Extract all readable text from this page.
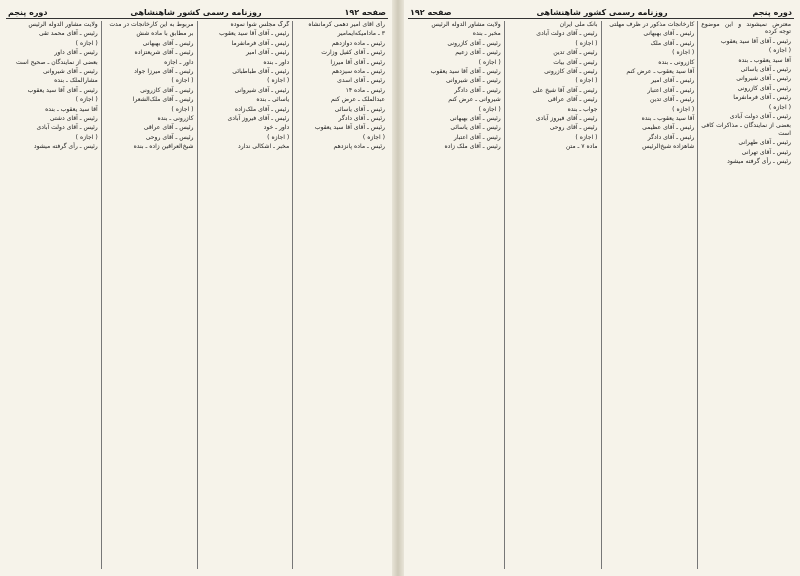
صفحه ۱۹۲
روزنامه رسمی کشور شاهنشاهی
دوره پنجم

رأی آقای امیر دهمی کرمانشاه

۳ ـ مادامیکه‌ایمامیر

رئیس ـ ماده دوازدهم

رئیس ـ آقای کفیل وزارت

رئیس ـ آقای آقا میرزا

رئیس ـ ماده سیزدهم

رئیس ـ آقای اسدی

رئیس ـ ماده ۱۴

عبدالملک ـ عرض کنم

رئیس ـ آقای یاسائی

رئیس ـ آقای دادگر

رئیس ـ آقای آقا سید یعقوب

( اجازه )

رئیس ـ ماده پانزدهم

گرگ مجلس شوا نموده

رئیس ـ آقای آقا سید یعقوب

رئیس ـ آقای فرمانفرما

رئیس ـ آقای امیر

داور ـ بنده

رئیس ـ آقای طباطبائی

( اجازه )

رئیس ـ آقای شیروانی

یاسائی ـ بنده

رئیس ـ آقای ملک‌زاده

رئیس ـ آقای فیروز آبادی

داور ـ خود

( اجازه )

مخبر ـ اشکالی ندارد

مربوط به این کارخانجات در مدت

بر مطابق با ماده شش

رئیس ـ آقای بهبهانی

رئیس ـ آقای شریعتزاده

داور ـ اجازه

رئیس ـ آقای میرزا جواد

( اجازه )

رئیس ـ آقای کازرونی

رئیس ـ آقای ملک‌الشعرا

( اجازه )

کازرونی ـ بنده

رئیس ـ آقای عراقی

رئیس ـ آقای روحی

شیخ‌العراقین زاده ـ بنده

ولایت مشاور الدوله الرئیس

رئیس ـ آقای محمد تقی

( اجازه )

رئیس ـ آقای داور

بعضی از نمایندگان ـ صحیح است

رئیس ـ آقای شیروانی

مشارالملک ـ بنده

رئیس ـ آقای آقا سید یعقوب

( اجازه )

آقا سید یعقوب ـ بنده

رئیس ـ آقای دشتی

رئیس ـ آقای دولت آبادی

( اجازه )

رئیس ـ رأی گرفته میشود

دوره پنجم
روزنامه رسمی کشور شاهنشاهی
صفحه ۱۹۲

معترض نمیشوند و این موضوع توجه کرده

رئیس ـ آقای آقا سید یعقوب

( اجازه )

آقا سید یعقوب ـ بنده

رئیس ـ آقای یاسائی

رئیس ـ آقای شیروانی

رئیس ـ آقای کازرونی

رئیس ـ آقای فرمانفرما

( اجازه )

رئیس ـ آقای دولت آبادی

بعضی از نمایندگان ـ مذاکرات کافی است

رئیس ـ آقای طهرانی

رئیس ـ آقای تهرانی

رئیس ـ رأی گرفته میشود

کارخانجات مذکور در ظرف مهلتی

رئیس ـ آقای بهبهانی

رئیس ـ آقای ملک

( اجازه )

کازرونی ـ بنده

آقا سید یعقوب ـ عرض کنم

رئیس ـ آقای امیر

رئیس ـ آقای اعتبار

رئیس ـ آقای تدین

( اجازه )

آقا سید یعقوب ـ بنده

رئیس ـ آقای عظیمی

رئیس ـ آقای دادگر

شاهزاده شیخ‌الرئیس

بانک ملی ایران

رئیس ـ آقای دولت آبادی

( اجازه )

رئیس ـ آقای تدین

رئیس ـ آقای بیات

رئیس ـ آقای کازرونی

( اجازه )

رئیس ـ آقای آقا شیخ علی

رئیس ـ آقای عراقی

جواب ـ بنده

رئیس ـ آقای فیروز آبادی

رئیس ـ آقای روحی

( اجازه )

ماده ۷ ـ متن

ولایت مشاور الدوله الرئیس

مخبر ـ بنده

رئیس ـ آقای کازرونی

رئیس ـ آقای زعیم

( اجازه )

رئیس ـ آقای آقا سید یعقوب

رئیس ـ آقای شیروانی

رئیس ـ آقای دادگر

شیروانی ـ عرض کنم

( اجازه )

رئیس ـ آقای بهبهانی

رئیس ـ آقای یاسائی

رئیس ـ آقای اعتبار

رئیس ـ آقای ملک زاده
